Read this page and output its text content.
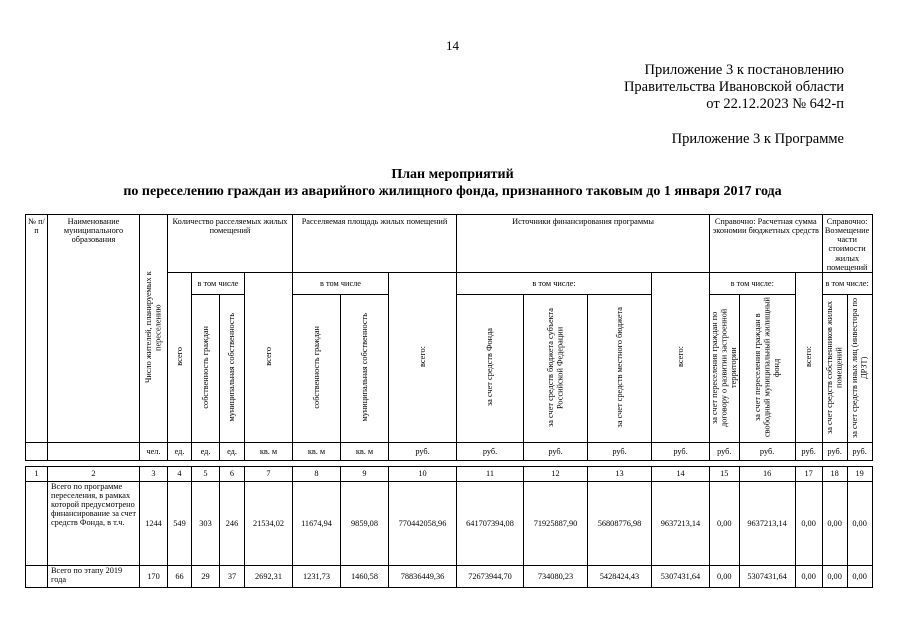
14
Приложение 3 к постановлению
Правительства Ивановской области
от 22.12.2023 № 642-п
Приложение 3 к Программе
План мероприятий
по переселению граждан из аварийного жилищного фонда, признанного таковым до 1 января 2017 года
№ п/п	Наименование муниципального образования	Число жителей, планируемых к переселению	Количество расселяемых жилых помещений				Расселяемая площадь жилых помещений			Источники финансирования программы				Справочно: Расчетная сумма экономии бюджетных средств			Справочно: Возмещение части стоимости жилых помещений	
			всего	в том числе		всего	в том числе		всего:	в том числе:			всего:	в том числе:		всего:	в том числе:	
				собственность граждан	муниципальная собственность		собственность граждан	муниципальная собственность		за счет средств Фонда	за счет средств бюджета субъекта Российской Федерации	за счет средств местного бюджета		за счет переселения граждан по договору о развитии застроенной территории	за счет переселения граждан в свободный муниципальный жилищный фонд		за счет средств собственников жилых помещений	за счет средств иных лиц (инвестора по ДРЗТ)
		чел.	ед.	ед.	ед.	кв. м	кв. м	кв. м	руб.	руб.	руб.	руб.	руб.	руб.	руб.	руб.	руб.	руб.

1	2	3	4	5	6	7	8	9	10	11	12	13	14	15	16	17	18	19
	Всего по программе переселения, в рамках которой предусмотрено финансирование за счет средств Фонда, в т.ч.	1244	549	303	246	21534,02	11674,94	9859,08	770442058,96	641707394,08	71925887,90	56808776,98	9637213,14	0,00	9637213,14	0,00	0,00	0,00
	Всего по этапу 2019 года	170	66	29	37	2692,31	1231,73	1460,58	78836449,36	72673944,70	734080,23	5428424,43	5307431,64	0,00	5307431,64	0,00	0,00	0,00
